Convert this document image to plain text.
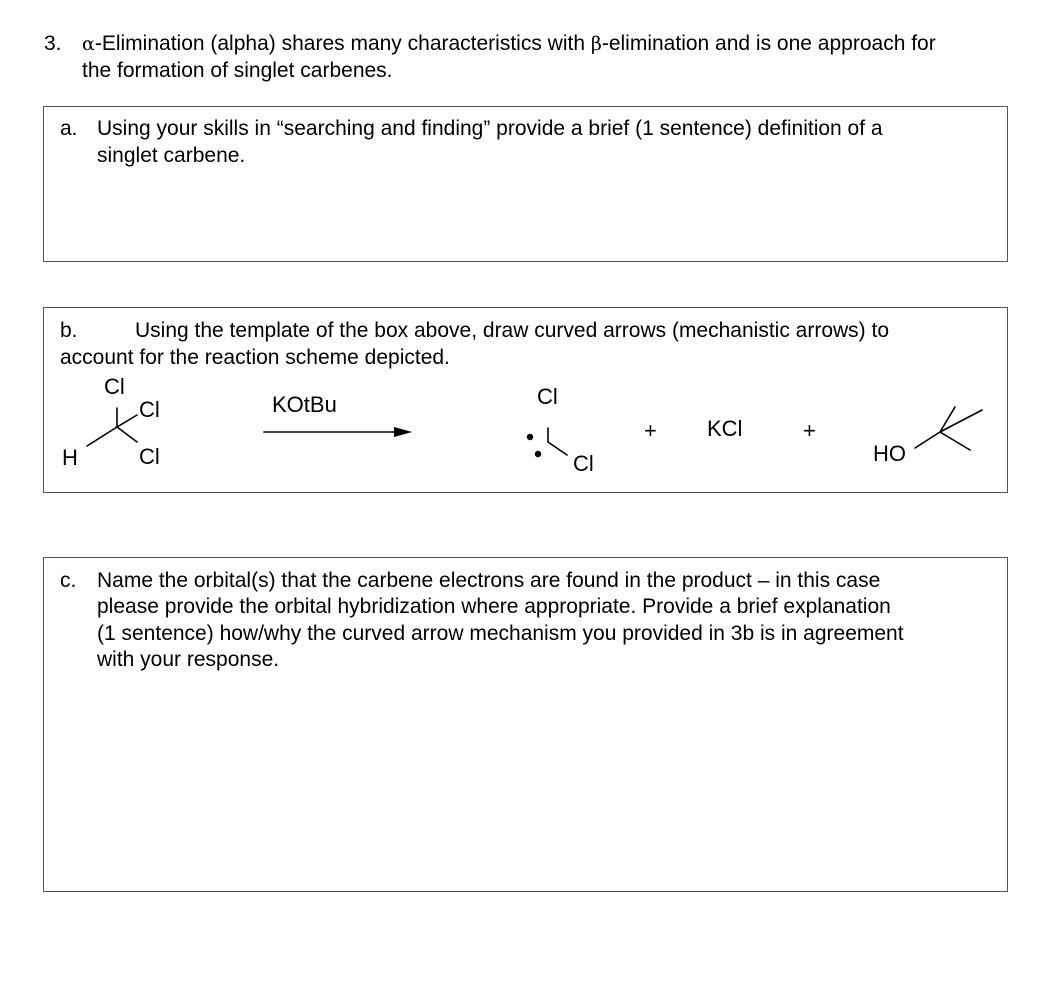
3. α-Elimination (alpha) shares many characteristics with β-elimination and is one approach for
the formation of singlet carbenes.
a. Using your skills in “searching and finding” provide a brief (1 sentence) definition of a
singlet carbene.
b.	Using the template of the box above, draw curved arrows (mechanistic arrows) to
account for the reaction scheme depicted.
Cl
Cl
Cl
H
KOtBu	Cl
Cl
+ KCl	+
HO
c. Name the orbital(s) that the carbene electrons are found in the product – in this case
please provide the orbital hybridization where appropriate. Provide a brief explanation
(1 sentence) how/why the curved arrow mechanism you provided in 3b is in agreement
with your response.
